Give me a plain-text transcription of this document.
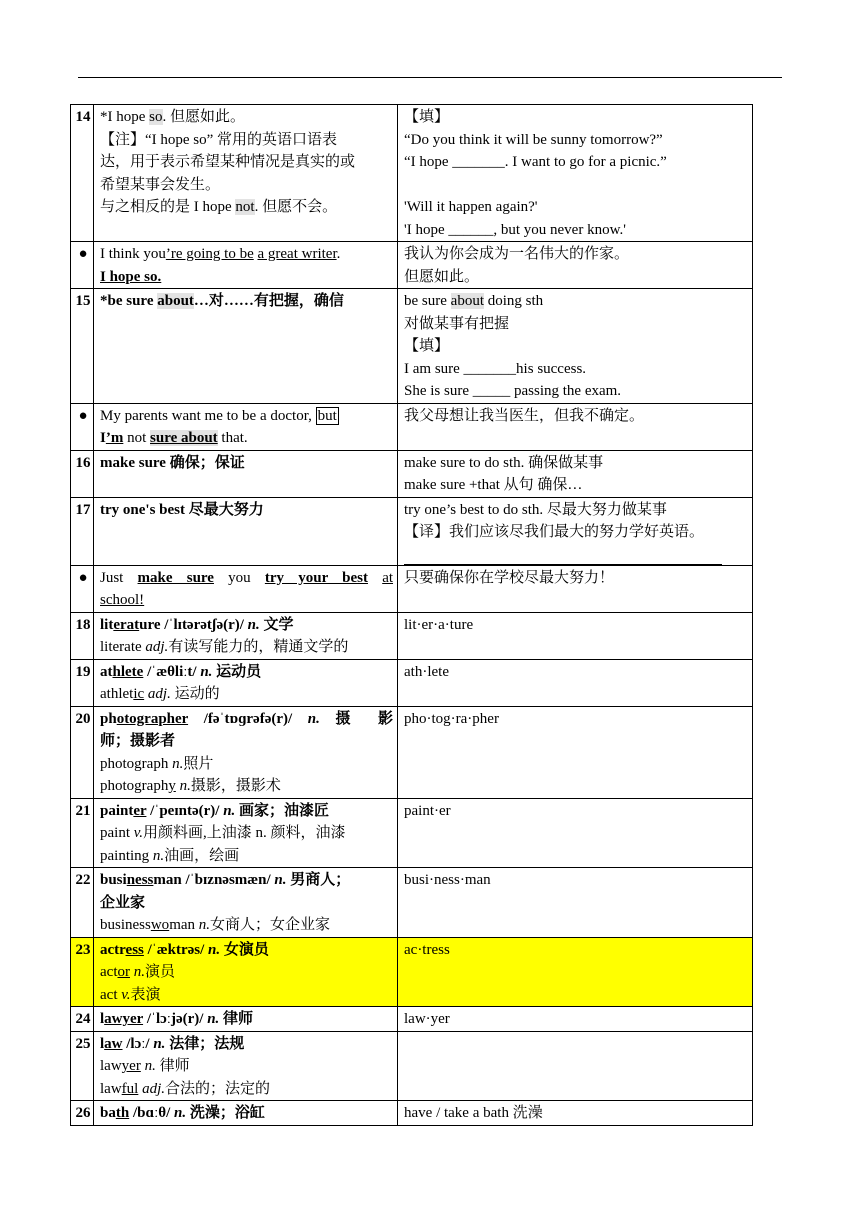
14	*I hope so. 但愿如此。
【注】“I hope so” 常用的英语口语表
达，用于表示希望某种情况是真实的或
希望某事会发生。
与之相反的是 I hope not. 但愿不会。	【填】
“Do you think it will be sunny tomorrow?”
“I hope _______. I want to go for a picnic.”

'Will it happen again?'
'I hope ______, but you never know.'

●	I think you’re going to be a great writer.
I hope so.	我认为你会成为一名伟大的作家。
但愿如此。

15	*be sure about…对……有把握，确信	be sure about doing sth
对做某事有把握
【填】
I am sure _______his success.
She is sure _____ passing the exam.

●	My parents want me to be a doctor, but
I’m not sure about that.	我父母想让我当医生，但我不确定。

16	make sure 确保；保证	make sure to do sth. 确保做某事
make sure +that 从句 确保…

17	try one's best 尽最大努力	try one’s best to do sth. 尽最大努力做某事
【译】我们应该尽我们最大的努力学好英语。

●	Just make sure you try your best at
school!	只要确保你在学校尽最大努力！

18	literature /ˈlɪtərətʃə(r)/ n. 文学
literate adj.有读写能力的，精通文学的	lit·er·a·ture
19	athlete /ˈæθliːt/ n. 运动员
athletic adj. 运动的	ath·lete
20	photographer /fəˈtɒɡrəfə(r)/ n. 摄 影
师；摄影者
photograph n.照片
photography n.摄影，摄影术	pho·tog·ra·pher
21	painter /ˈpeɪntə(r)/ n. 画家；油漆匠
paint v.用颜料画,上油漆 n. 颜料，油漆
painting n.油画，绘画	paint·er
22	businessman /ˈbɪznəsmæn/ n. 男商人；
企业家
businesswoman n.女商人；女企业家	busi·ness·man
23	actress /ˈæktrəs/ n. 女演员
actor n.演员
act v.表演	ac·tress
24	lawyer /ˈlɔːjə(r)/ n. 律师	law·yer
25	law /lɔː/ n. 法律；法规
lawyer n. 律师
lawful adj.合法的；法定的	

26	bath /bɑːθ/ n. 洗澡；浴缸	have / take a bath 洗澡
